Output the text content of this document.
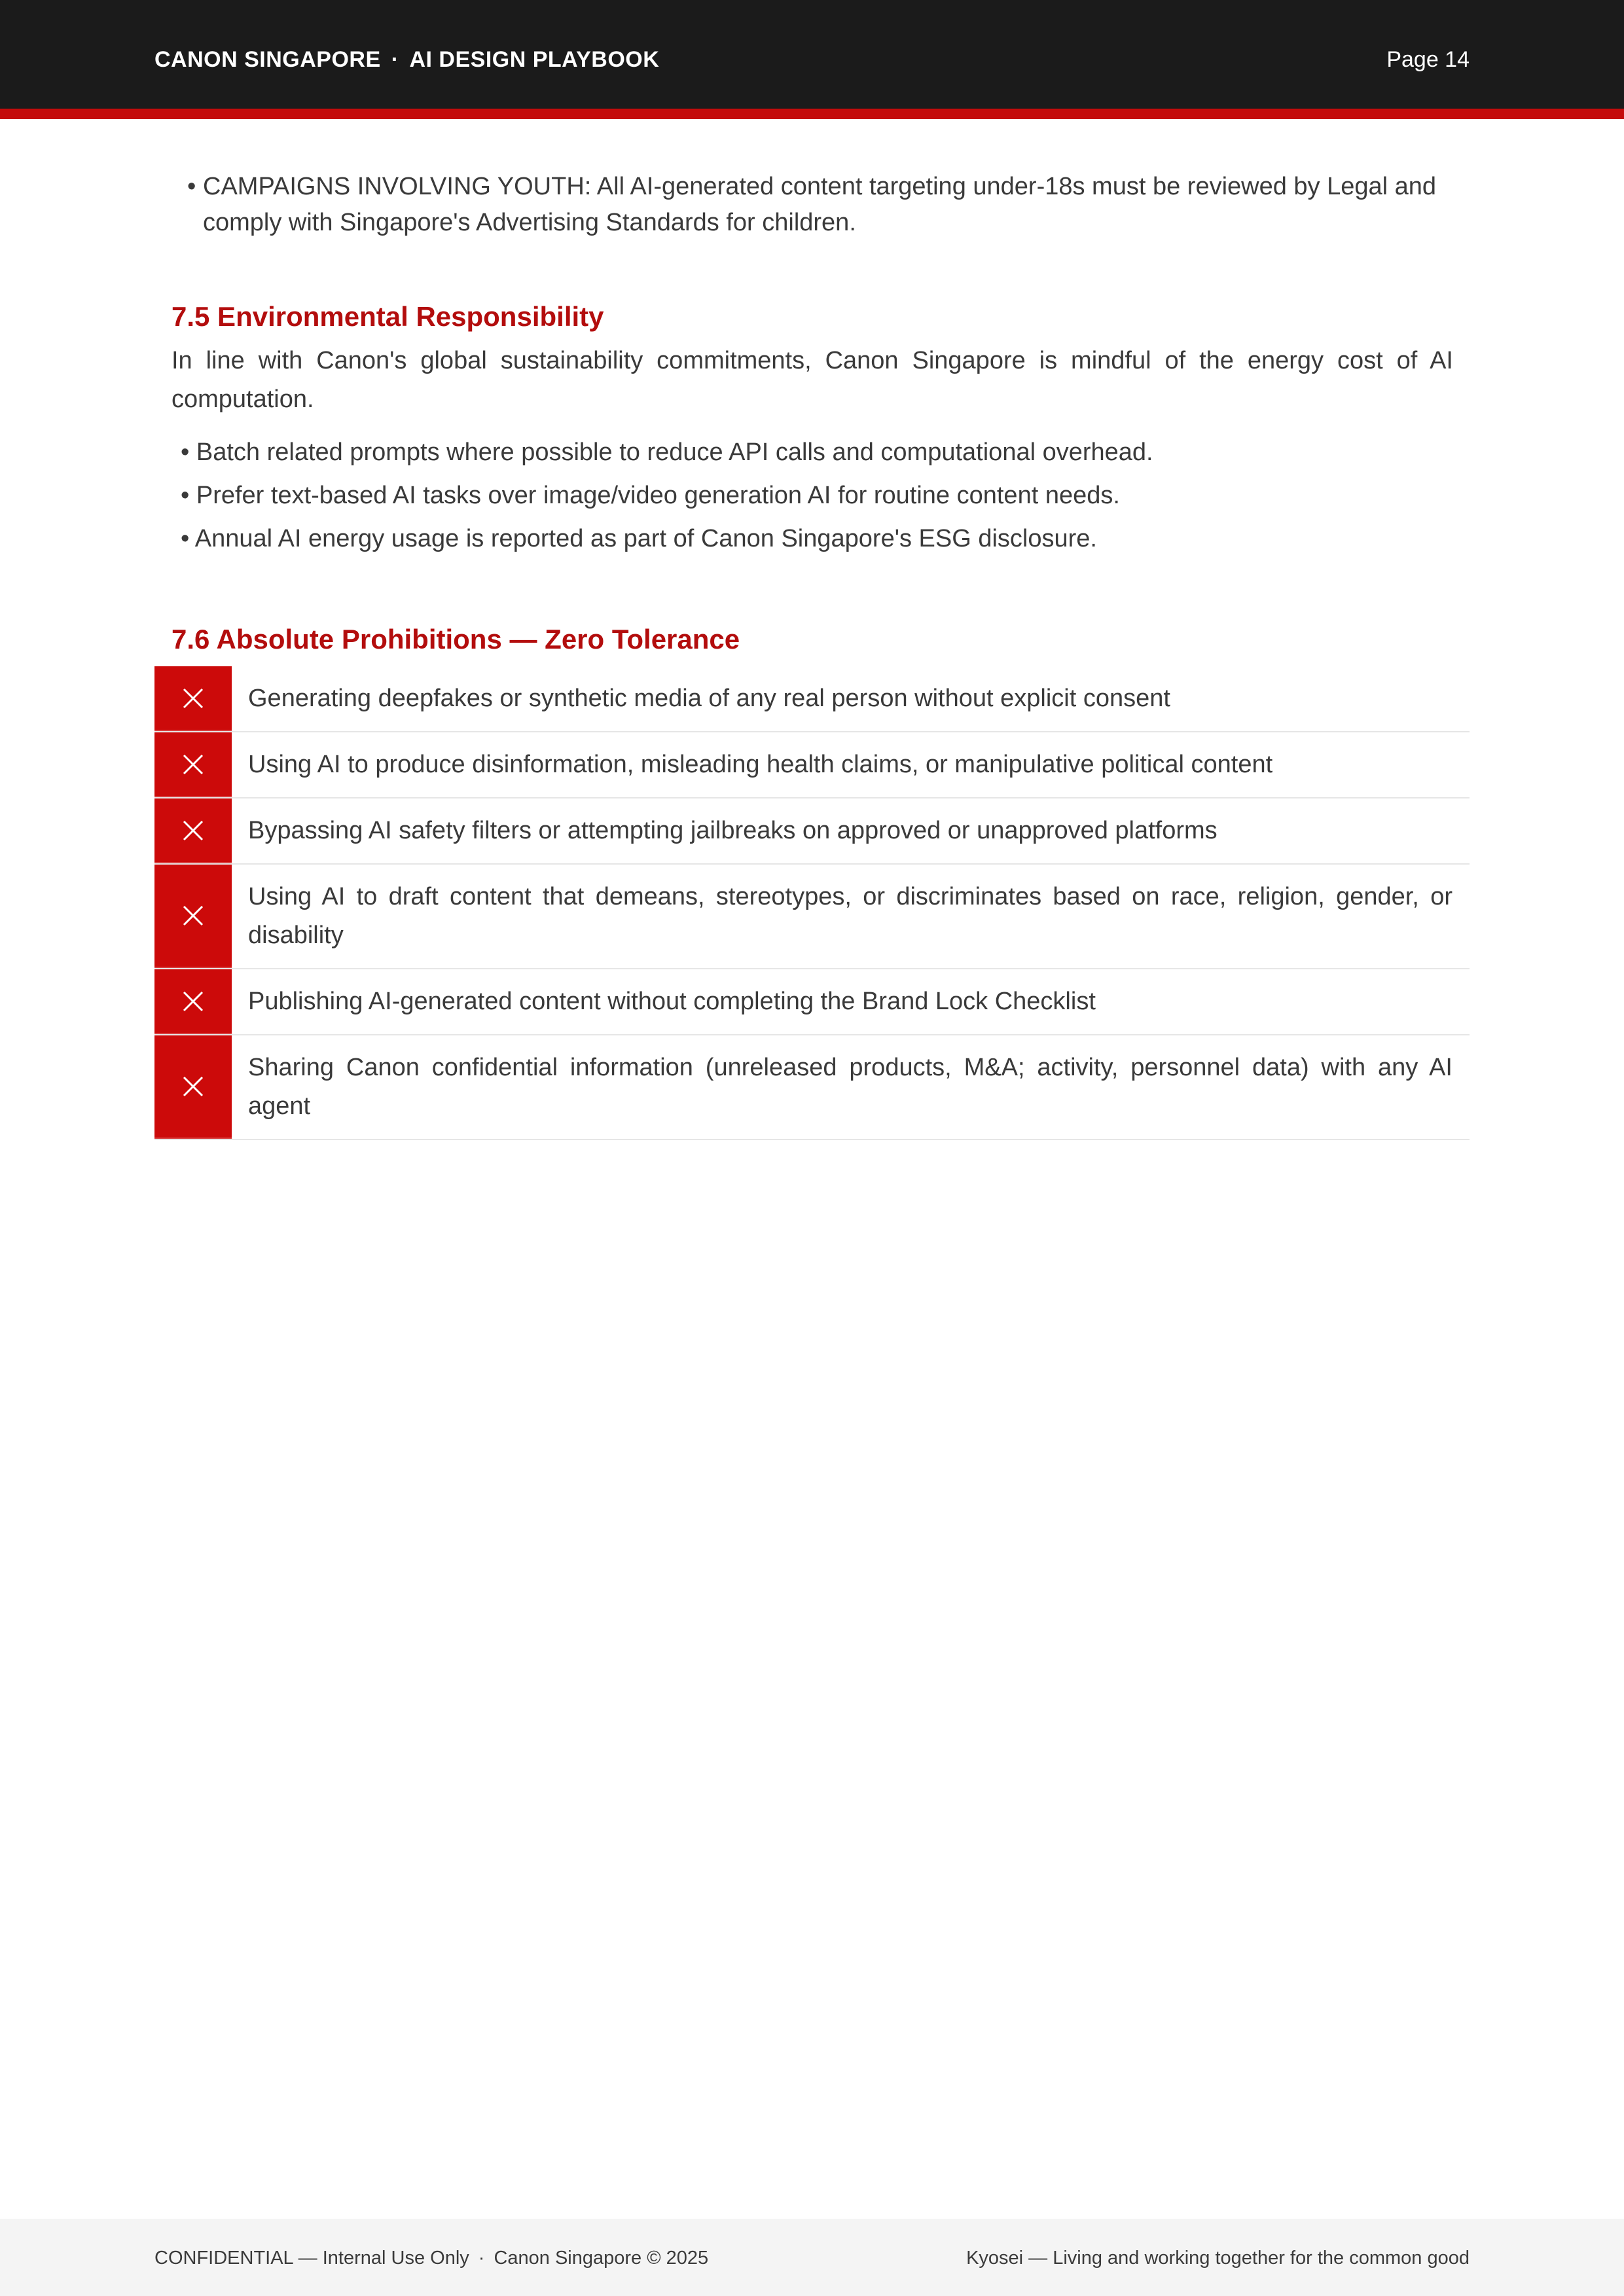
CANON SINGAPORE · AI DESIGN PLAYBOOK	Page 14
• CAMPAIGNS INVOLVING YOUTH: All AI-generated content targeting under-18s must be reviewed by Legal and comply with Singapore's Advertising Standards for children.
7.5 Environmental Responsibility

In line with Canon's global sustainability commitments, Canon Singapore is mindful of the energy cost of AI computation.

• Batch related prompts where possible to reduce API calls and computational overhead.
• Prefer text-based AI tasks over image/video generation AI for routine content needs.
• Annual AI energy usage is reported as part of Canon Singapore's ESG disclosure.
7.6 Absolute Prohibitions — Zero Tolerance
Generating deepfakes or synthetic media of any real person without explicit consent
Using AI to produce disinformation, misleading health claims, or manipulative political content
Bypassing AI safety filters or attempting jailbreaks on approved or unapproved platforms
Using AI to draft content that demeans, stereotypes, or discriminates based on race, religion, gender, or disability
Publishing AI-generated content without completing the Brand Lock Checklist
Sharing Canon confidential information (unreleased products, M&A; activity, personnel data) with any AI agent
CONFIDENTIAL — Internal Use Only · Canon Singapore © 2025	Kyosei — Living and working together for the common good
